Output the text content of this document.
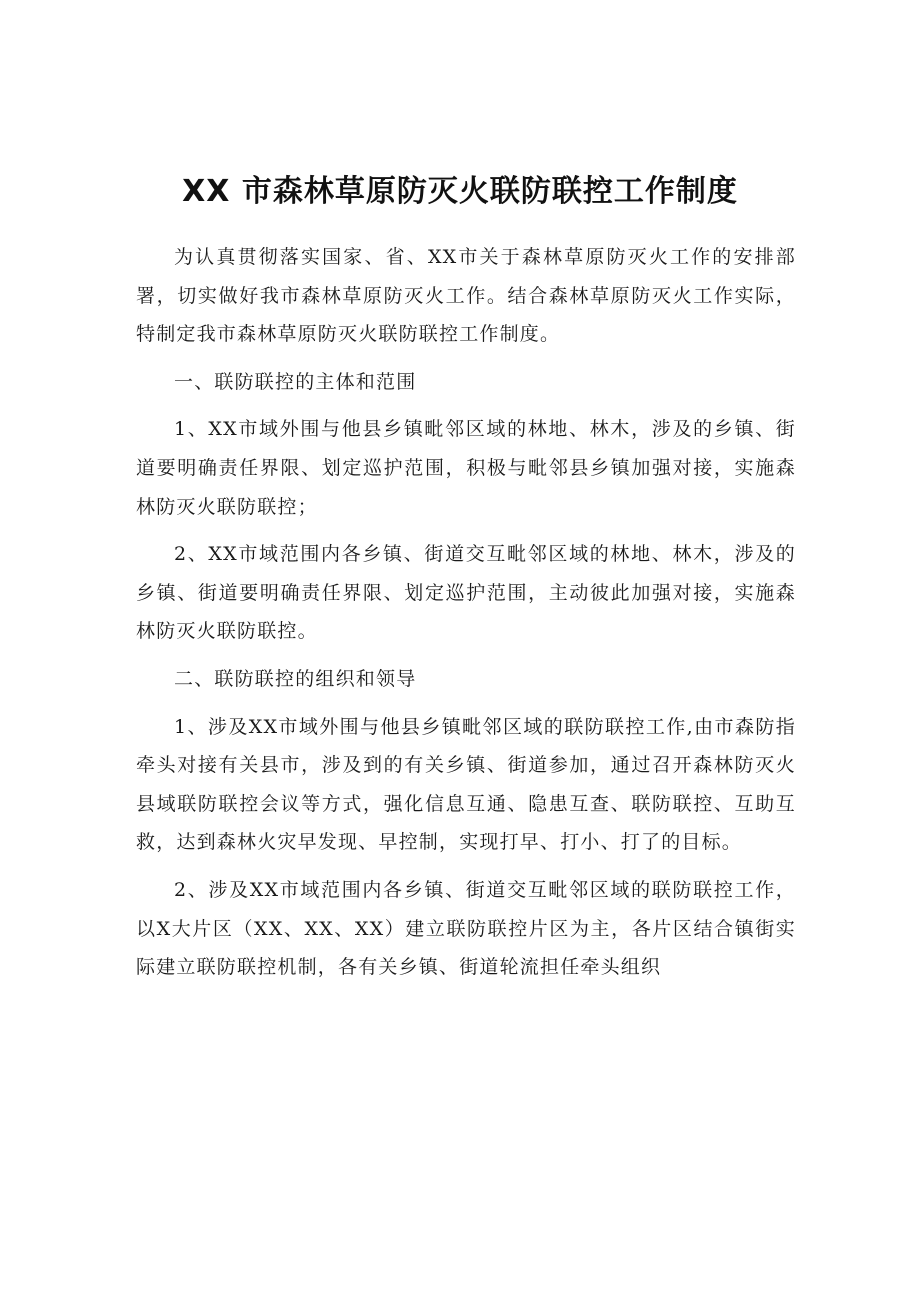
XX 市森林草原防灭火联防联控工作制度

为认真贯彻落实国家、省、XX市关于森林草原防灭火工作的安排部署，切实做好我市森林草原防灭火工作。结合森林草原防灭火工作实际，特制定我市森林草原防灭火联防联控工作制度。

一、联防联控的主体和范围

1、XX市域外围与他县乡镇毗邻区域的林地、林木，涉及的乡镇、街道要明确责任界限、划定巡护范围，积极与毗邻县乡镇加强对接，实施森林防灭火联防联控；

2、XX市域范围内各乡镇、街道交互毗邻区域的林地、林木，涉及的乡镇、街道要明确责任界限、划定巡护范围，主动彼此加强对接，实施森林防灭火联防联控。

二、联防联控的组织和领导

1、涉及XX市域外围与他县乡镇毗邻区域的联防联控工作,由市森防指牵头对接有关县市，涉及到的有关乡镇、街道参加，通过召开森林防灭火县域联防联控会议等方式，强化信息互通、隐患互查、联防联控、互助互救，达到森林火灾早发现、早控制，实现打早、打小、打了的目标。

2、涉及XX市域范围内各乡镇、街道交互毗邻区域的联防联控工作，以X大片区（XX、XX、XX）建立联防联控片区为主，各片区结合镇街实际建立联防联控机制，各有关乡镇、街道轮流担任牵头组织
